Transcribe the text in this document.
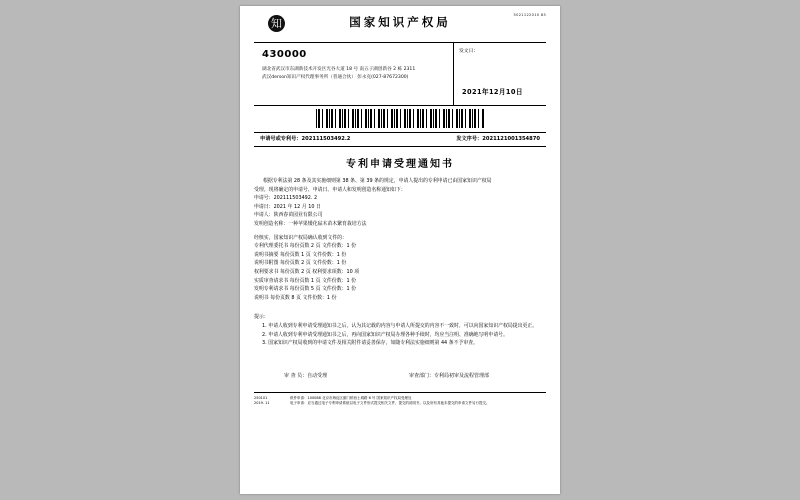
知	国家知识产权局	5021122010 83
430000
湖北省武汉市东湖新技术开发区光谷大道 18 号 南五子湖创新谷 2 栋 2311
武汉derson知识产权代理事务所（普通合伙） 彭永克(027-87672300)
发文日：
2021年12月10日
申请号或专利号：202111503492.2	发文序号：2021121001354870
专利申请受理通知书
根据专利法第 28 条及其实施细则第 38 条、第 39 条的规定，申请人提出的专利申请已由国家知识产权局
受理。现将确定的申请号、申请日、申请人和发明创造名称通知如下：
申请号：202111503492. 2
申请日：2021 年 12 月 10 日
申请人：陕西春苗园业有限公司
发明创造名称：一种苹果矮化砧木苗木繁育栽培方法
经核实，国家知识产权局确认收到文件的：
专利代理委托书 每份页数 2 页 文件份数：1 份
说明书摘要 每份页数 1 页 文件份数：1 份
说明书附图 每份页数 2 页 文件份数：1 份
权利要求书 每份页数 2 页 权利要求项数：10 项
实质审查请求书 每份页数 1 页 文件份数：1 份
发明专利请求书 每份页数 5 页 文件份数：1 份
说明书 每份页数 8 页 文件份数：1 份
提示：
1. 申请人收到专利申请受理通知书之后，认为其记载的内容与申请人所提交的内容不一致时，可以向国家知识产权局提出更正。
2. 申请人收到专利申请受理通知书之后，再向国家知识产权局办理各种手续时，均应当注明、准确地写明申请号。
3. 国家知识产权局收到的申请文件及相关附件请妥善保存，如随专利法实施细则第 44 条不予审查。
审 查 员：自动受理	审查部门：专利局初审及流程管理部
250101
2019. 11
纸件申请：100088 北京市海淀区蓟门桥西土城路 6 号 国家知识产权局受理处
电子申请：应当通过电子专利申请系统以电子文件形式提交相关文件，提交的说明书，以及所有其他未提交的申请文件另行提交。
